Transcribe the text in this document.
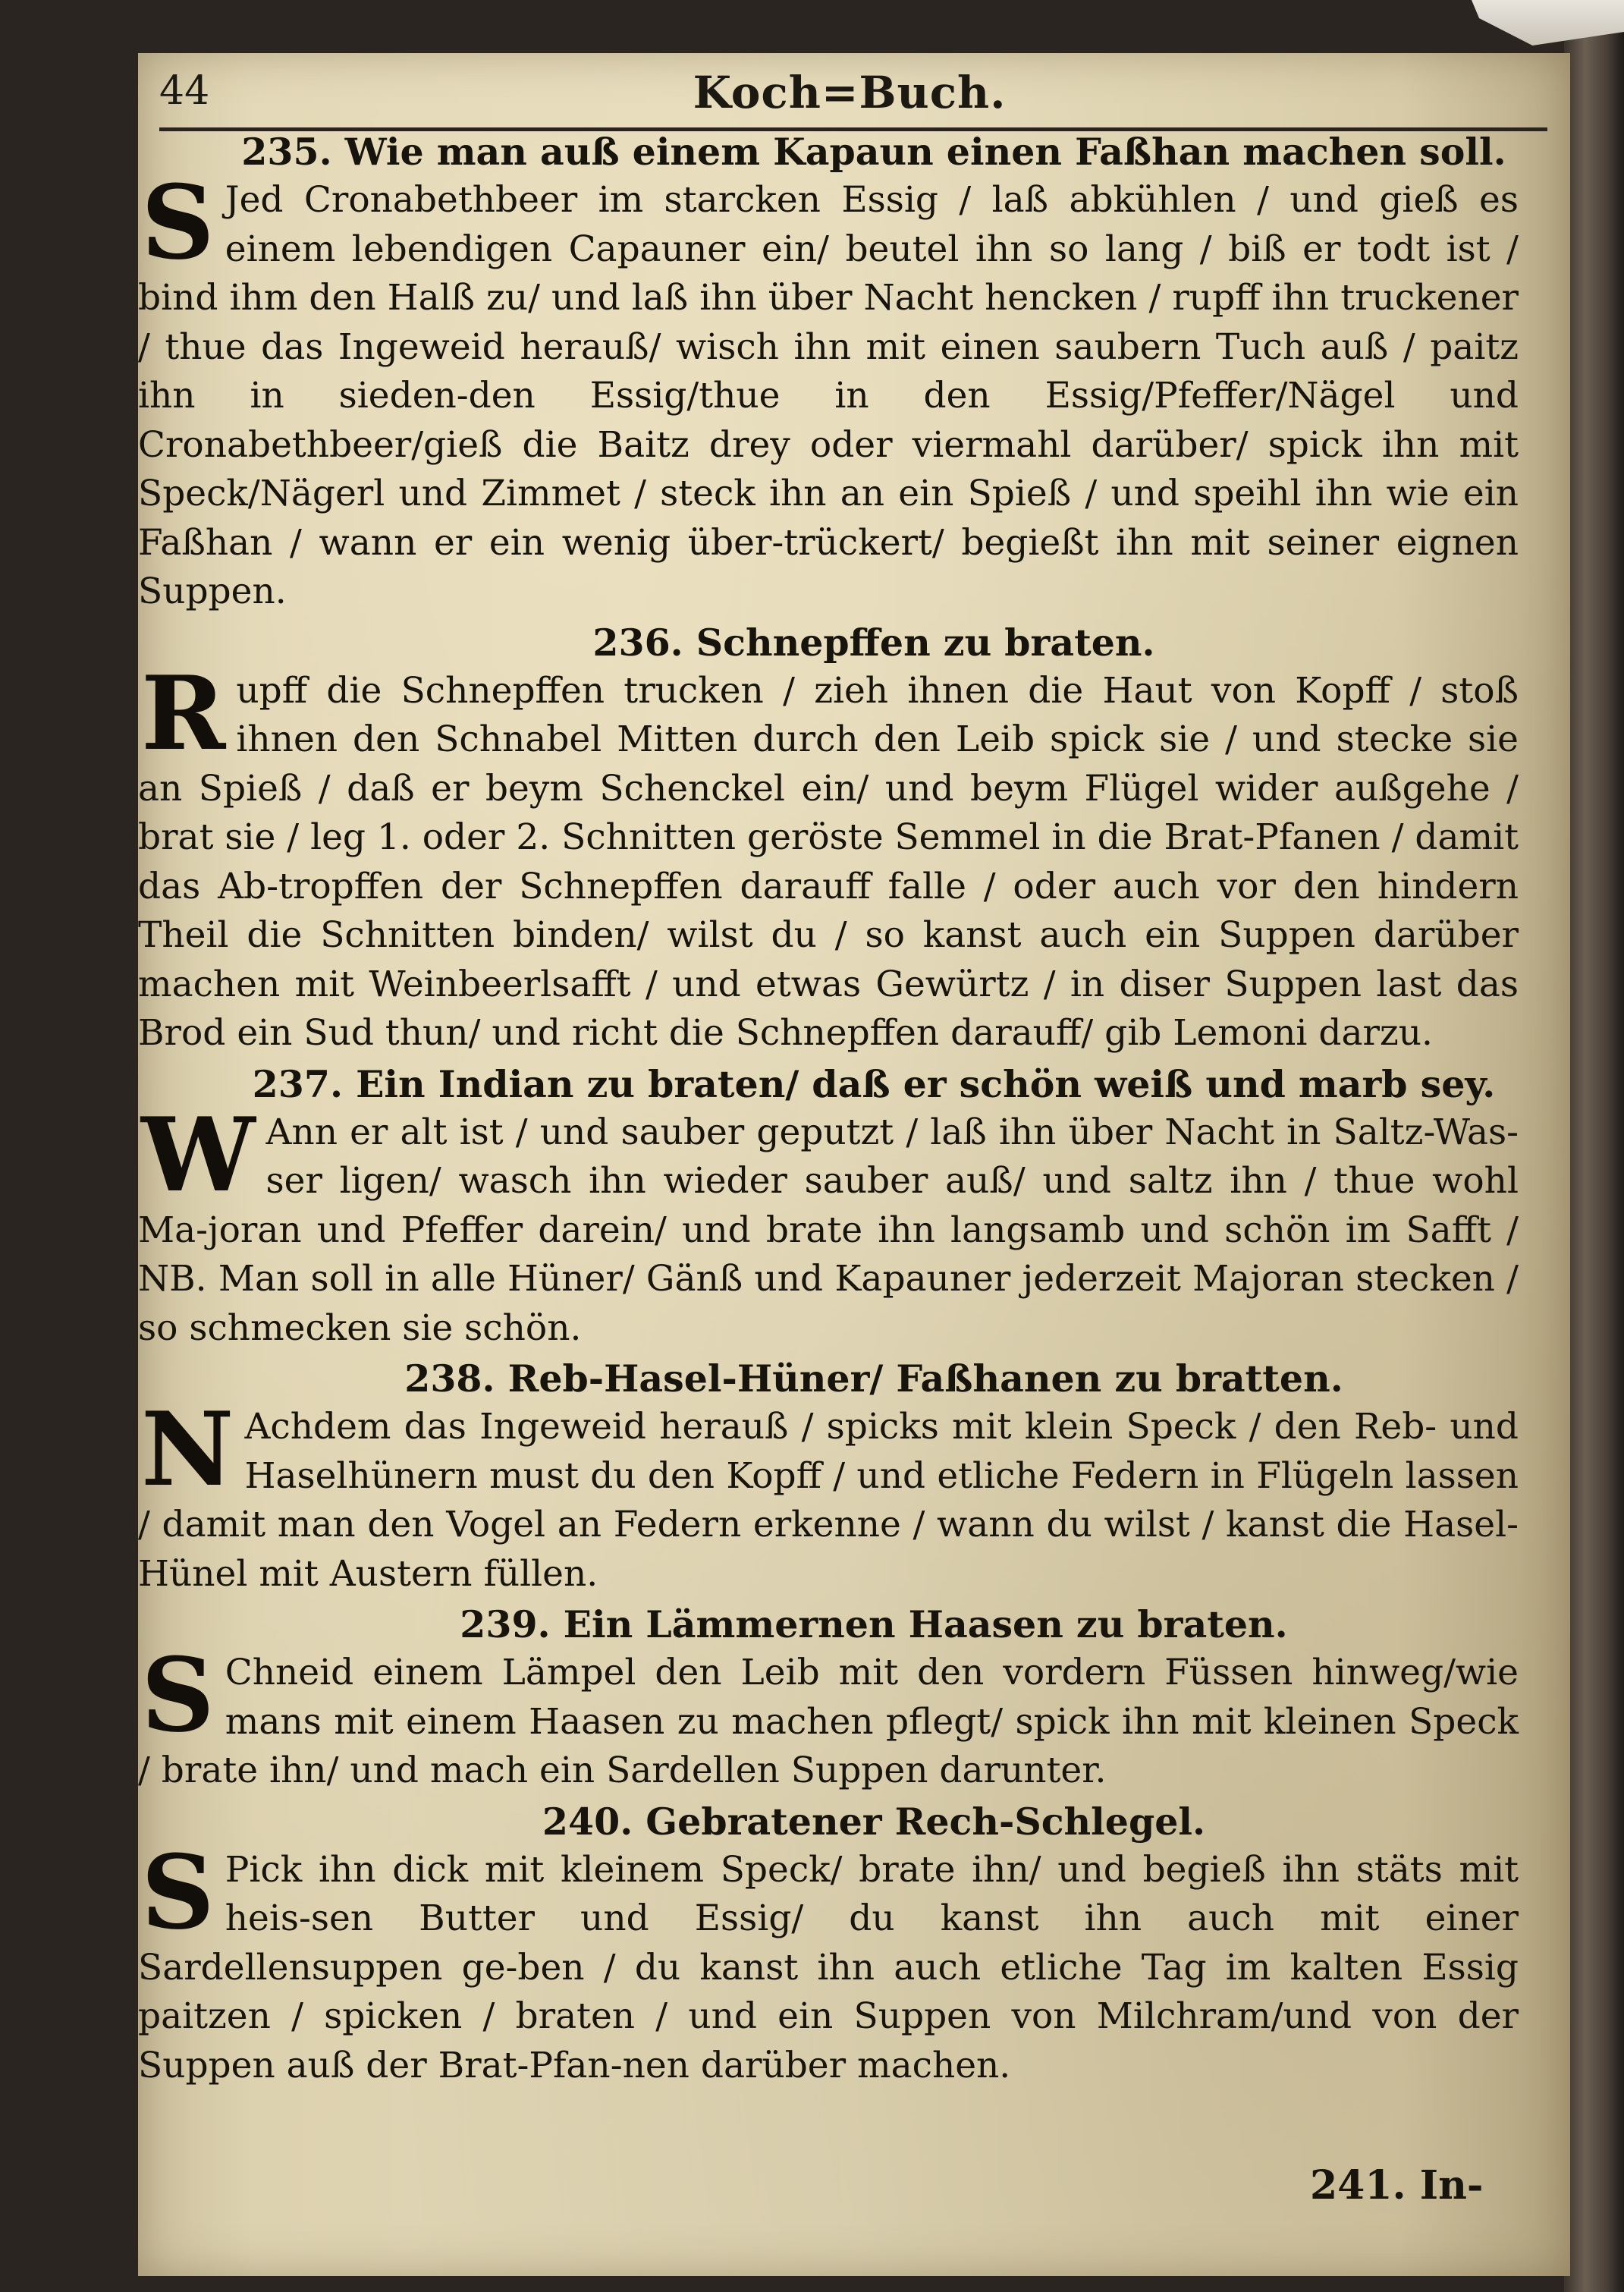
44	Koch=Buch.

235. Wie man auß einem Kapaun einen Faßhan machen soll.

S Jed Cronabethbeer im starcken Essig / laß abkühlen / und gieß es einem lebendigen Capauner ein/ beutel ihn so lang / biß er todt ist / bind ihm den Halß zu/ und laß ihn über Nacht hencken / rupff ihn truckener / thue das Ingeweid herauß/ wisch ihn mit einen saubern Tuch auß / paitz ihn in sieden-den Essig/thue in den Essig/Pfeffer/Nägel und Cronabethbeer/gieß die Baitz drey oder viermahl darüber/ spick ihn mit Speck/Nägerl und Zimmet / steck ihn an ein Spieß / und speihl ihn wie ein Faßhan / wann er ein wenig über-trückert/ begießt ihn mit seiner eignen Suppen.

236. Schnepffen zu braten.

Rupff die Schnepffen trucken / zieh ihnen die Haut von Kopff / stoß ihnen den Schnabel Mitten durch den Leib spick sie / und stecke sie an Spieß / daß er beym Schenckel ein/ und beym Flügel wider außgehe / brat sie / leg 1. oder 2. Schnitten geröste Semmel in die Brat-Pfanen / damit das Ab-tropffen der Schnepffen darauff falle / oder auch vor den hindern Theil die Schnitten binden/ wilst du / so kanst auch ein Suppen darüber machen mit Weinbeerlsafft / und etwas Gewürtz / in diser Suppen last das Brod ein Sud thun/ und richt die Schnepffen darauff/ gib Lemoni darzu.

237. Ein Indian zu braten/ daß er schön weiß und marb sey.

W Ann er alt ist / und sauber geputzt / laß ihn über Nacht in Saltz-Was-ser ligen/ wasch ihn wieder sauber auß/ und saltz ihn / thue wohl Ma-joran und Pfeffer darein/ und brate ihn langsamb und schön im Safft / NB. Man soll in alle Hüner/ Gänß und Kapauner jederzeit Majoran stecken / so schmecken sie schön.

238. Reb-Hasel-Hüner/ Faßhanen zu bratten.

N Achdem das Ingeweid herauß / spicks mit klein Speck / den Reb- und Haselhünern must du den Kopff / und etliche Federn in Flügeln lassen / damit man den Vogel an Federn erkenne / wann du wilst / kanst die Hasel-Hünel mit Austern füllen.

239. Ein Lämmernen Haasen zu braten.

S Chneid einem Lämpel den Leib mit den vordern Füssen hinweg/wie mans mit einem Haasen zu machen pflegt/ spick ihn mit kleinen Speck / brate ihn/ und mach ein Sardellen Suppen darunter.

240. Gebratener Rech-Schlegel.

S Pick ihn dick mit kleinem Speck/ brate ihn/ und begieß ihn stäts mit heis-sen Butter und Essig/ du kanst ihn auch mit einer Sardellensuppen ge-ben / du kanst ihn auch etliche Tag im kalten Essig paitzen / spicken / braten / und ein Suppen von Milchram/und von der Suppen auß der Brat-Pfan-nen darüber machen.

241. In-
